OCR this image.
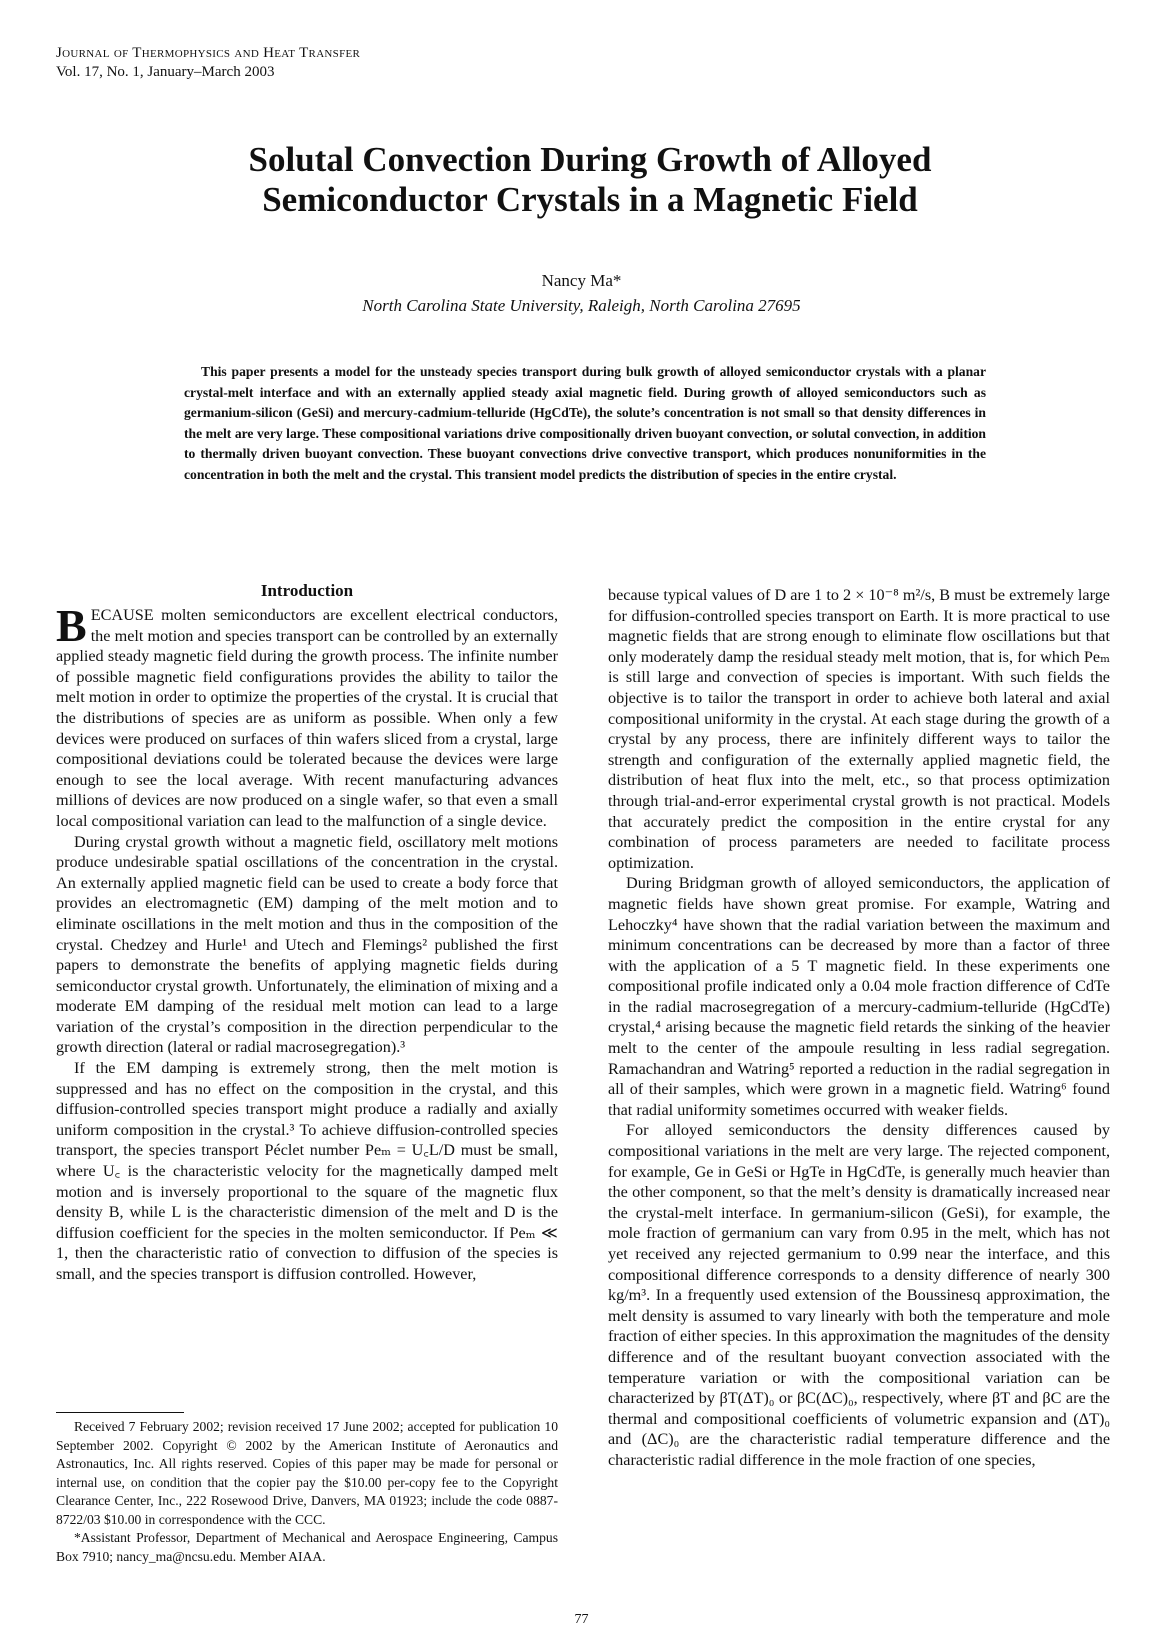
Journal of Thermophysics and Heat Transfer
Vol. 17, No. 1, January–March 2003
Solutal Convection During Growth of Alloyed
Semiconductor Crystals in a Magnetic Field
Nancy Ma*
North Carolina State University, Raleigh, North Carolina 27695
This paper presents a model for the unsteady species transport during bulk growth of alloyed semiconductor crystals with a planar crystal-melt interface and with an externally applied steady axial magnetic field. During growth of alloyed semiconductors such as germanium-silicon (GeSi) and mercury-cadmium-telluride (HgCdTe), the solute’s concentration is not small so that density differences in the melt are very large. These compositional variations drive compositionally driven buoyant convection, or solutal convection, in addition to thermally driven buoyant convection. These buoyant convections drive convective transport, which produces nonuniformities in the concentration in both the melt and the crystal. This transient model predicts the distribution of species in the entire crystal.
Introduction

BECAUSE molten semiconductors are excellent electrical conductors, the melt motion and species transport can be controlled by an externally applied steady magnetic field during the growth process. The infinite number of possible magnetic field configurations provides the ability to tailor the melt motion in order to optimize the properties of the crystal. It is crucial that the distributions of species are as uniform as possible. When only a few devices were produced on surfaces of thin wafers sliced from a crystal, large compositional deviations could be tolerated because the devices were large enough to see the local average. With recent manufacturing advances millions of devices are now produced on a single wafer, so that even a small local compositional variation can lead to the malfunction of a single device.

During crystal growth without a magnetic field, oscillatory melt motions produce undesirable spatial oscillations of the concentration in the crystal. An externally applied magnetic field can be used to create a body force that provides an electromagnetic (EM) damping of the melt motion and to eliminate oscillations in the melt motion and thus in the composition of the crystal. Chedzey and Hurle¹ and Utech and Flemings² published the first papers to demonstrate the benefits of applying magnetic fields during semiconductor crystal growth. Unfortunately, the elimination of mixing and a moderate EM damping of the residual melt motion can lead to a large variation of the crystal’s composition in the direction perpendicular to the growth direction (lateral or radial macrosegregation).³

If the EM damping is extremely strong, then the melt motion is suppressed and has no effect on the composition in the crystal, and this diffusion-controlled species transport might produce a radially and axially uniform composition in the crystal.³ To achieve diffusion-controlled species transport, the species transport Péclet number Peₘ = U꜀L/D must be small, where U꜀ is the characteristic velocity for the magnetically damped melt motion and is inversely proportional to the square of the magnetic flux density B, while L is the characteristic dimension of the melt and D is the diffusion coefficient for the species in the molten semiconductor. If Peₘ ≪ 1, then the characteristic ratio of convection to diffusion of the species is small, and the species transport is diffusion controlled. However,

because typical values of D are 1 to 2 × 10⁻⁸ m²/s, B must be extremely large for diffusion-controlled species transport on Earth. It is more practical to use magnetic fields that are strong enough to eliminate flow oscillations but that only moderately damp the residual steady melt motion, that is, for which Peₘ is still large and convection of species is important. With such fields the objective is to tailor the transport in order to achieve both lateral and axial compositional uniformity in the crystal. At each stage during the growth of a crystal by any process, there are infinitely different ways to tailor the strength and configuration of the externally applied magnetic field, the distribution of heat flux into the melt, etc., so that process optimization through trial-and-error experimental crystal growth is not practical. Models that accurately predict the composition in the entire crystal for any combination of process parameters are needed to facilitate process optimization.

During Bridgman growth of alloyed semiconductors, the application of magnetic fields have shown great promise. For example, Watring and Lehoczky⁴ have shown that the radial variation between the maximum and minimum concentrations can be decreased by more than a factor of three with the application of a 5 T magnetic field. In these experiments one compositional profile indicated only a 0.04 mole fraction difference of CdTe in the radial macrosegregation of a mercury-cadmium-telluride (HgCdTe) crystal,⁴ arising because the magnetic field retards the sinking of the heavier melt to the center of the ampoule resulting in less radial segregation. Ramachandran and Watring⁵ reported a reduction in the radial segregation in all of their samples, which were grown in a magnetic field. Watring⁶ found that radial uniformity sometimes occurred with weaker fields.

For alloyed semiconductors the density differences caused by compositional variations in the melt are very large. The rejected component, for example, Ge in GeSi or HgTe in HgCdTe, is generally much heavier than the other component, so that the melt’s density is dramatically increased near the crystal-melt interface. In germanium-silicon (GeSi), for example, the mole fraction of germanium can vary from 0.95 in the melt, which has not yet received any rejected germanium to 0.99 near the interface, and this compositional difference corresponds to a density difference of nearly 300 kg/m³. In a frequently used extension of the Boussinesq approximation, the melt density is assumed to vary linearly with both the temperature and mole fraction of either species. In this approximation the magnitudes of the density difference and of the resultant buoyant convection associated with the temperature variation or with the compositional variation can be characterized by βT(ΔT)₀ or βC(ΔC)₀, respectively, where βT and βC are the thermal and compositional coefficients of volumetric expansion and (ΔT)₀ and (ΔC)₀ are the characteristic radial temperature difference and the characteristic radial difference in the mole fraction of one species,

Received 7 February 2002; revision received 17 June 2002; accepted for publication 10 September 2002. Copyright © 2002 by the American Institute of Aeronautics and Astronautics, Inc. All rights reserved. Copies of this paper may be made for personal or internal use, on condition that the copier pay the $10.00 per-copy fee to the Copyright Clearance Center, Inc., 222 Rosewood Drive, Danvers, MA 01923; include the code 0887-8722/03 $10.00 in correspondence with the CCC.

*Assistant Professor, Department of Mechanical and Aerospace Engineering, Campus Box 7910; nancy_ma@ncsu.edu. Member AIAA.

77
